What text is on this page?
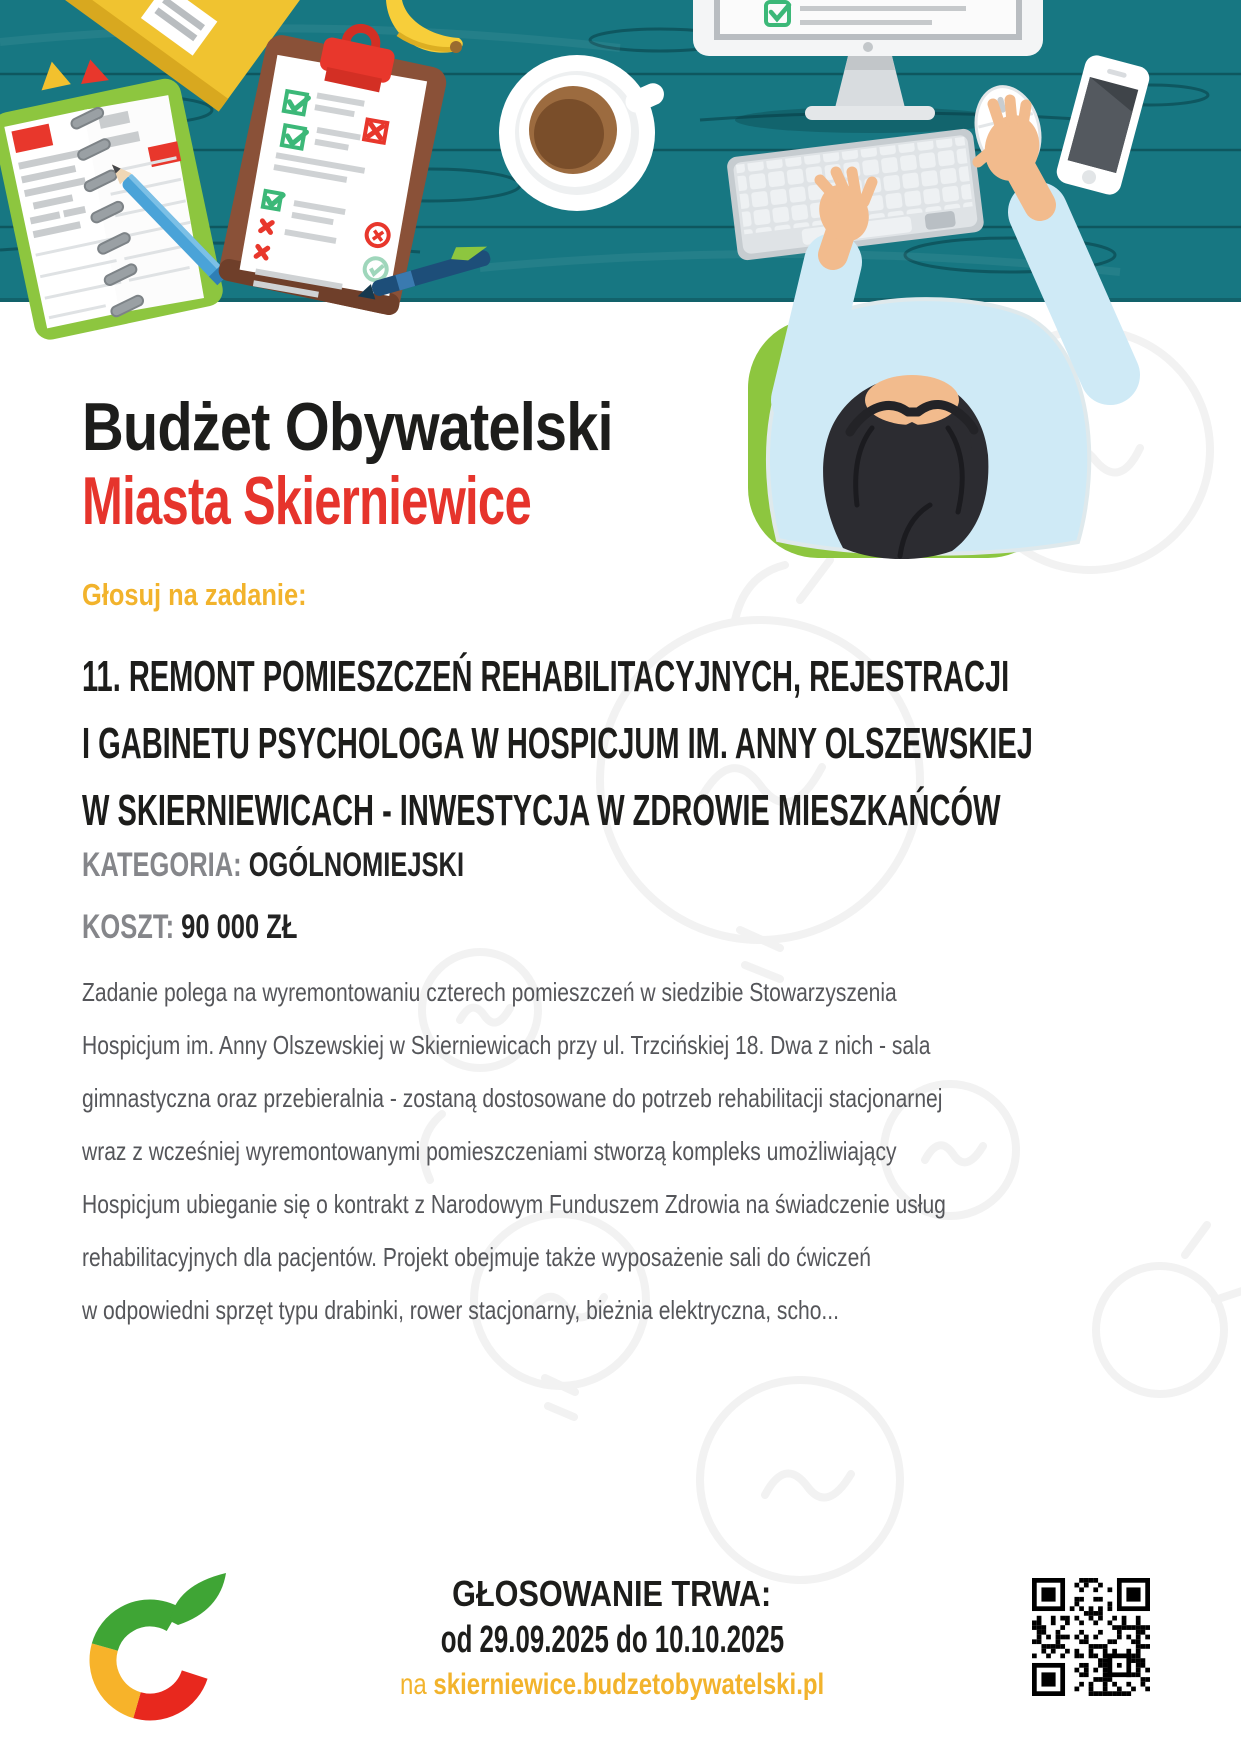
Budżet Obywatelski
Miasta Skierniewice
Głosuj na zadanie:
11. REMONT POMIESZCZEŃ REHABILITACYJNYCH, REJESTRACJI
I GABINETU PSYCHOLOGA W HOSPICJUM IM. ANNY OLSZEWSKIEJ
W SKIERNIEWICACH - INWESTYCJA W ZDROWIE MIESZKAŃCÓW
KATEGORIA: OGÓLNOMIEJSKI
KOSZT: 90 000 ZŁ
Zadanie polega na wyremontowaniu czterech pomieszczeń w siedzibie Stowarzyszenia
Hospicjum im. Anny Olszewskiej w Skierniewicach przy ul. Trzcińskiej 18. Dwa z nich - sala
gimnastyczna oraz przebieralnia - zostaną dostosowane do potrzeb rehabilitacji stacjonarnej
wraz z wcześniej wyremontowanymi pomieszczeniami stworzą kompleks umożliwiający
Hospicjum ubieganie się o kontrakt z Narodowym Funduszem Zdrowia na świadczenie usług
rehabilitacyjnych dla pacjentów. Projekt obejmuje także wyposażenie sali do ćwiczeń
w odpowiedni sprzęt typu drabinki, rower stacjonarny, bieżnia elektryczna, scho...
GŁOSOWANIE TRWA:
od 29.09.2025 do 10.10.2025
na skierniewice.budzetobywatelski.pl
